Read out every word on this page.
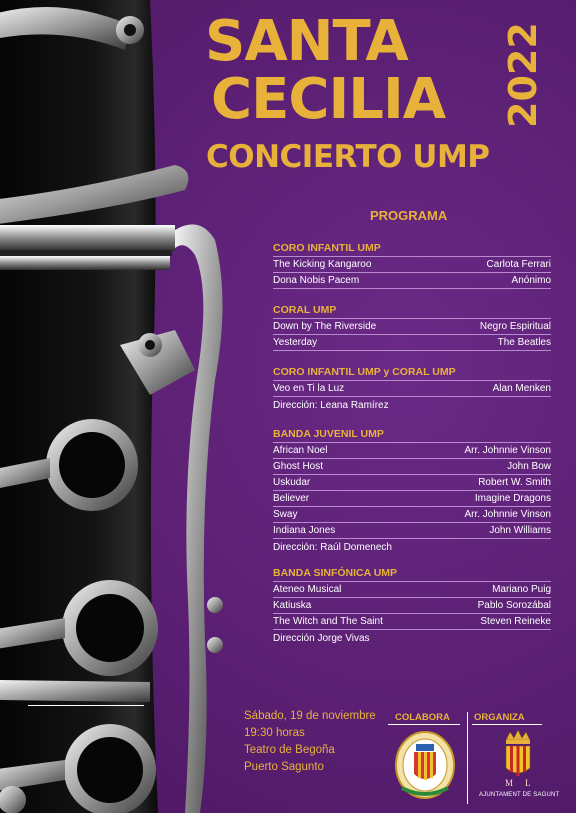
SANTA
CECILIA
CONCIERTO UMP
2022
PROGRAMA
CORO INFANTIL UMP
The Kicking Kangaroo	Carlota Ferrari
Dona Nobis Pacem	Anónimo
CORAL UMP
Down by The Riverside	Negro Espiritual
Yesterday	The Beatles
CORO INFANTIL UMP y CORAL UMP
Veo en Ti la Luz	Alan Menken
Dirección: Leana Ramírez
BANDA JUVENIL UMP
African Noel	Arr. Johnnie Vinson
Ghost Host	John Bow
Uskudar	Robert W. Smith
Believer	Imagine Dragons
Sway	Arr. Johnnie Vinson
Indiana Jones	John Williams
Dirección: Raúl Domenech
BANDA SINFÓNICA UMP
Ateneo Musical	Mariano Puig
Katiuska	Pablo Sorozábal
The Witch and The Saint	Steven Reineke
Dirección Jorge Vivas
Sábado, 19 de noviembre
19:30 horas
Teatro de Begoña
Puerto Sagunto
COLABORA	ORGANIZA
M L
AJUNTAMENT DE SAGUNT
